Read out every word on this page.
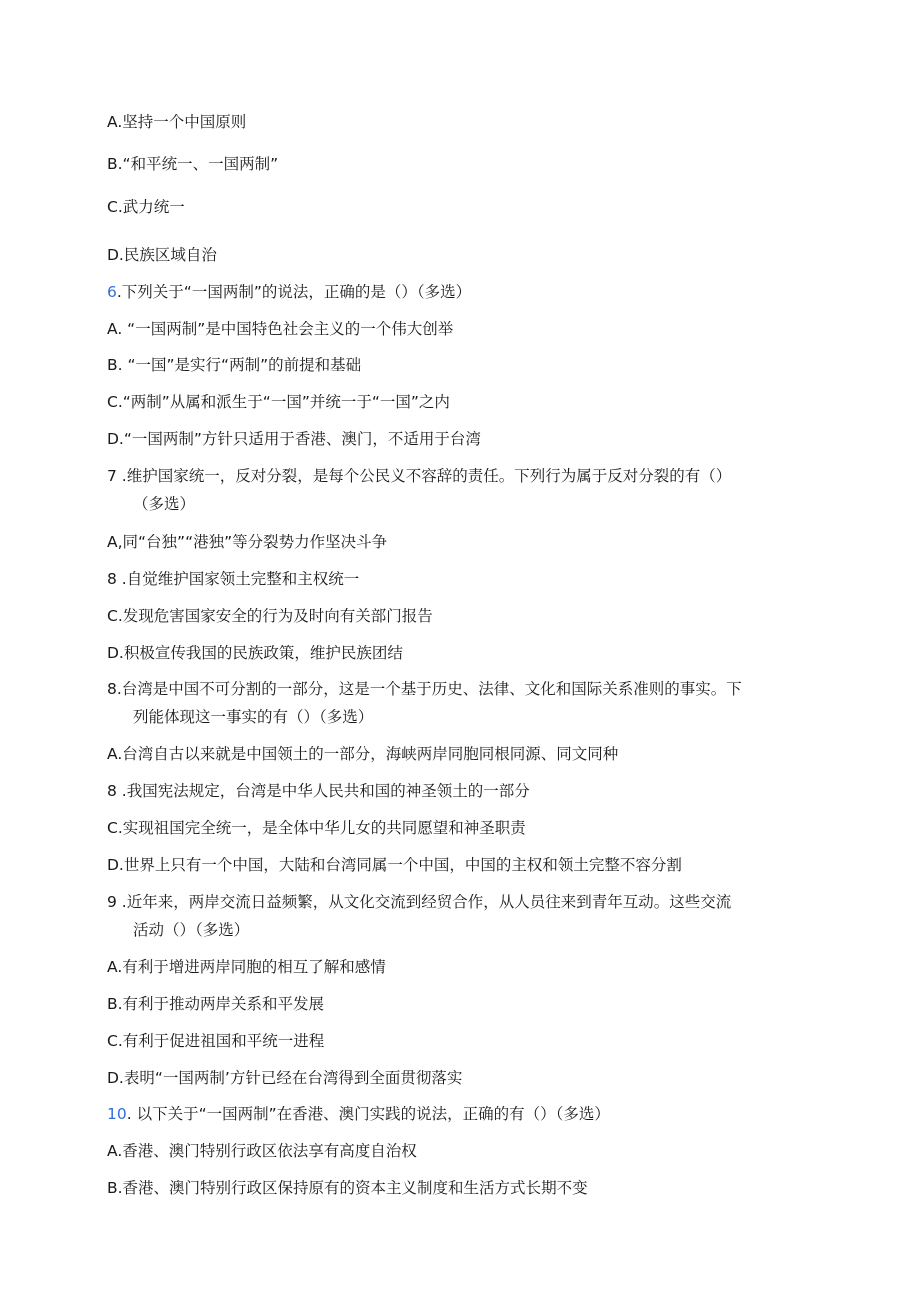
A.坚持一个中国原则
B.“和平统一、一国两制”
C.武力统一
D.民族区域自治
6.下列关于“一国两制”的说法，正确的是（）（多选）
A. “一国两制”是中国特色社会主义的一个伟大创举
B. “一国”是实行“两制”的前提和基础
C.“两制”从属和派生于“一国”并统一于“一国”之内
D.“一国两制”方针只适用于香港、澳门，不适用于台湾
7 .维护国家统一，反对分裂，是每个公民义不容辞的责任。下列行为属于反对分裂的有（）
（多选）
A,同“台独”“港独”等分裂势力作坚决斗争
8 .自觉维护国家领土完整和主权统一
C.发现危害国家安全的行为及时向有关部门报告
D.积极宣传我国的民族政策，维护民族团结
8.台湾是中国不可分割的一部分，这是一个基于历史、法律、文化和国际关系准则的事实。下
列能体现这一事实的有（）（多选）
A.台湾自古以来就是中国领土的一部分，海峡两岸同胞同根同源、同文同种
8 .我国宪法规定，台湾是中华人民共和国的神圣领土的一部分
C.实现祖国完全统一，是全体中华儿女的共同愿望和神圣职责
D.世界上只有一个中国，大陆和台湾同属一个中国，中国的主权和领土完整不容分割
9 .近年来，两岸交流日益频繁，从文化交流到经贸合作，从人员往来到青年互动。这些交流
活动（）（多选）
A.有利于增进两岸同胞的相互了解和感情
B.有利于推动两岸关系和平发展
C.有利于促进祖国和平统一进程
D.表明“一国两制’方针已经在台湾得到全面贯彻落实
10. 以下关于“一国两制”在香港、澳门实践的说法，正确的有（）（多选）
A.香港、澳门特别行政区依法享有高度自治权
B.香港、澳门特别行政区保持原有的资本主义制度和生活方式长期不变
